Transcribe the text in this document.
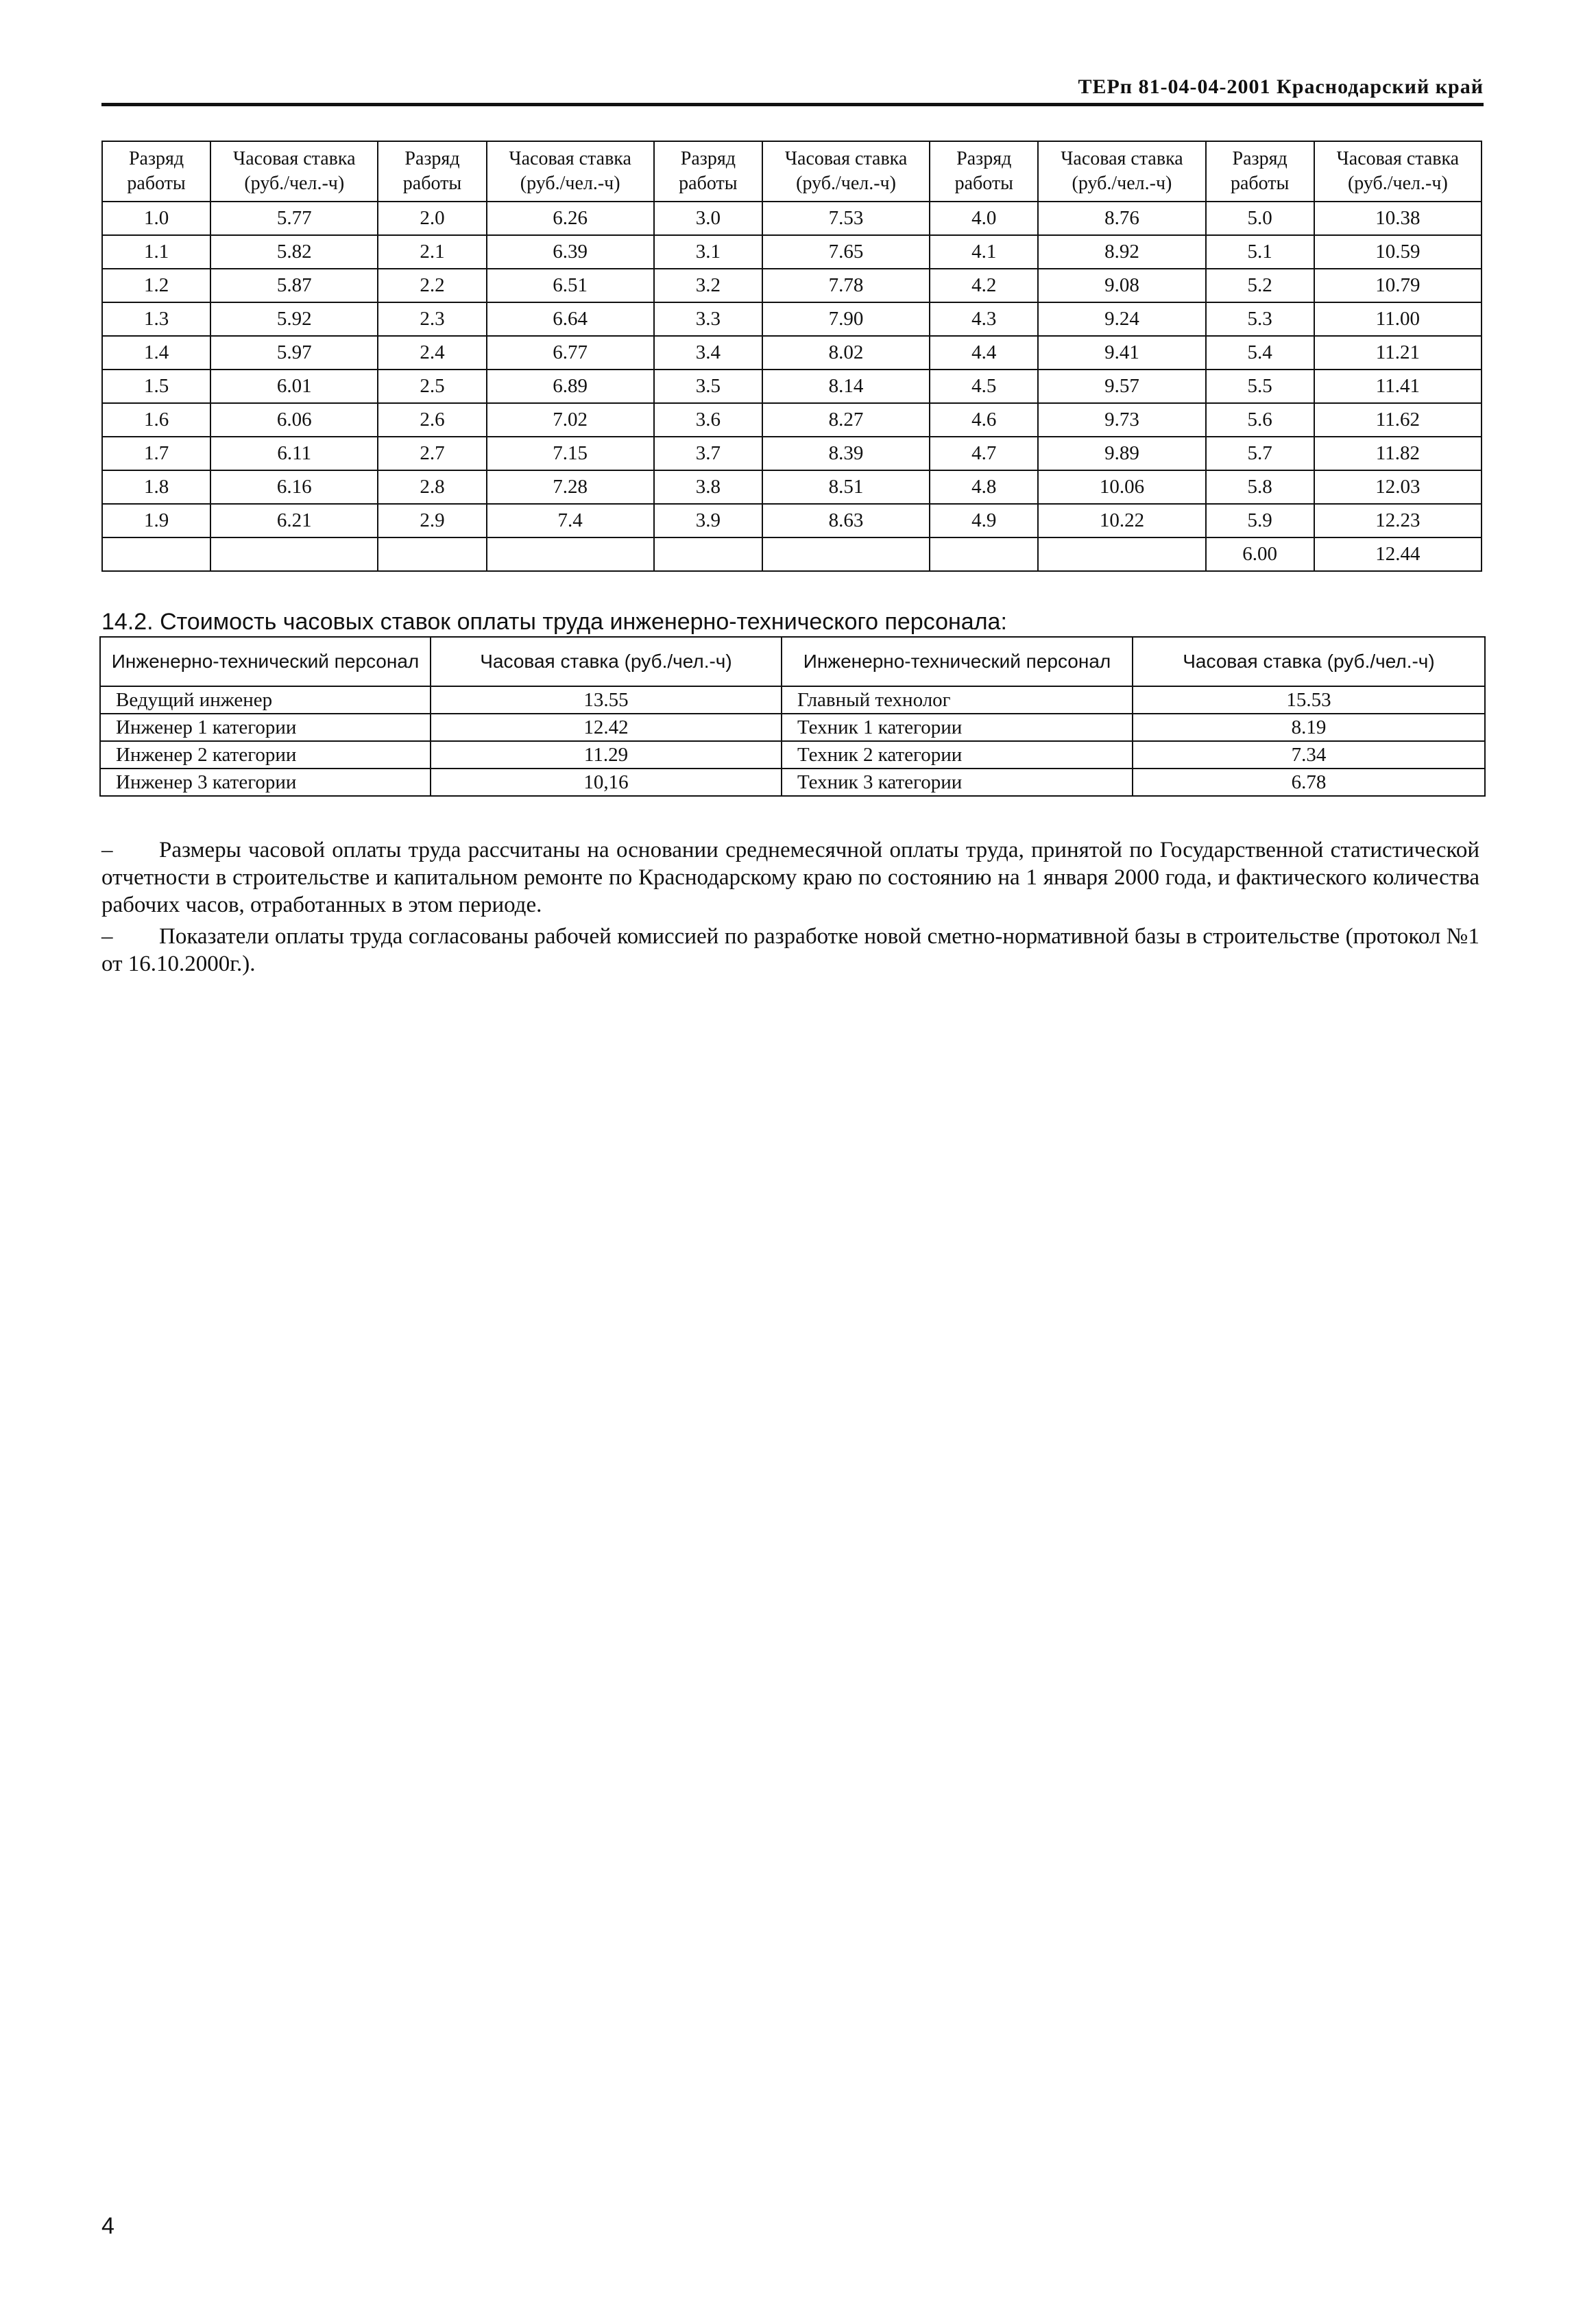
ТЕРп 81-04-04-2001 Краснодарский край
Разряд работы	Часовая ставка (руб./чел.-ч)	Разряд работы	Часовая ставка (руб./чел.-ч)	Разряд работы	Часовая ставка (руб./чел.-ч)	Разряд работы	Часовая ставка (руб./чел.-ч)	Разряд работы	Часовая ставка (руб./чел.-ч)
1.0	5.77	2.0	6.26	3.0	7.53	4.0	8.76	5.0	10.38
1.1	5.82	2.1	6.39	3.1	7.65	4.1	8.92	5.1	10.59
1.2	5.87	2.2	6.51	3.2	7.78	4.2	9.08	5.2	10.79
1.3	5.92	2.3	6.64	3.3	7.90	4.3	9.24	5.3	11.00
1.4	5.97	2.4	6.77	3.4	8.02	4.4	9.41	5.4	11.21
1.5	6.01	2.5	6.89	3.5	8.14	4.5	9.57	5.5	11.41
1.6	6.06	2.6	7.02	3.6	8.27	4.6	9.73	5.6	11.62
1.7	6.11	2.7	7.15	3.7	8.39	4.7	9.89	5.7	11.82
1.8	6.16	2.8	7.28	3.8	8.51	4.8	10.06	5.8	12.03
1.9	6.21	2.9	7.4	3.9	8.63	4.9	10.22	5.9	12.23
								6.00	12.44
14.2. Стоимость часовых ставок оплаты труда инженерно-технического персонала:
Инженерно-технический персонал	Часовая ставка (руб./чел.-ч)	Инженерно-технический персонал	Часовая ставка (руб./чел.-ч)
Ведущий инженер	13.55	Главный технолог	15.53
Инженер 1 категории	12.42	Техник 1 категории	8.19
Инженер 2 категории	11.29	Техник 2 категории	7.34
Инженер 3 категории	10,16	Техник 3 категории	6.78

– Размеры часовой оплаты труда рассчитаны на основании среднемесячной оплаты труда, принятой по Государственной статистической отчетности в строительстве и капитальном ремонте по Краснодарскому краю по состоянию на 1 января 2000 года, и фактического количества рабочих часов, отработанных в этом периоде.

– Показатели оплаты труда согласованы рабочей комиссией по разработке новой сметно-нормативной базы в строительстве (протокол №1 от 16.10.2000г.).

4
